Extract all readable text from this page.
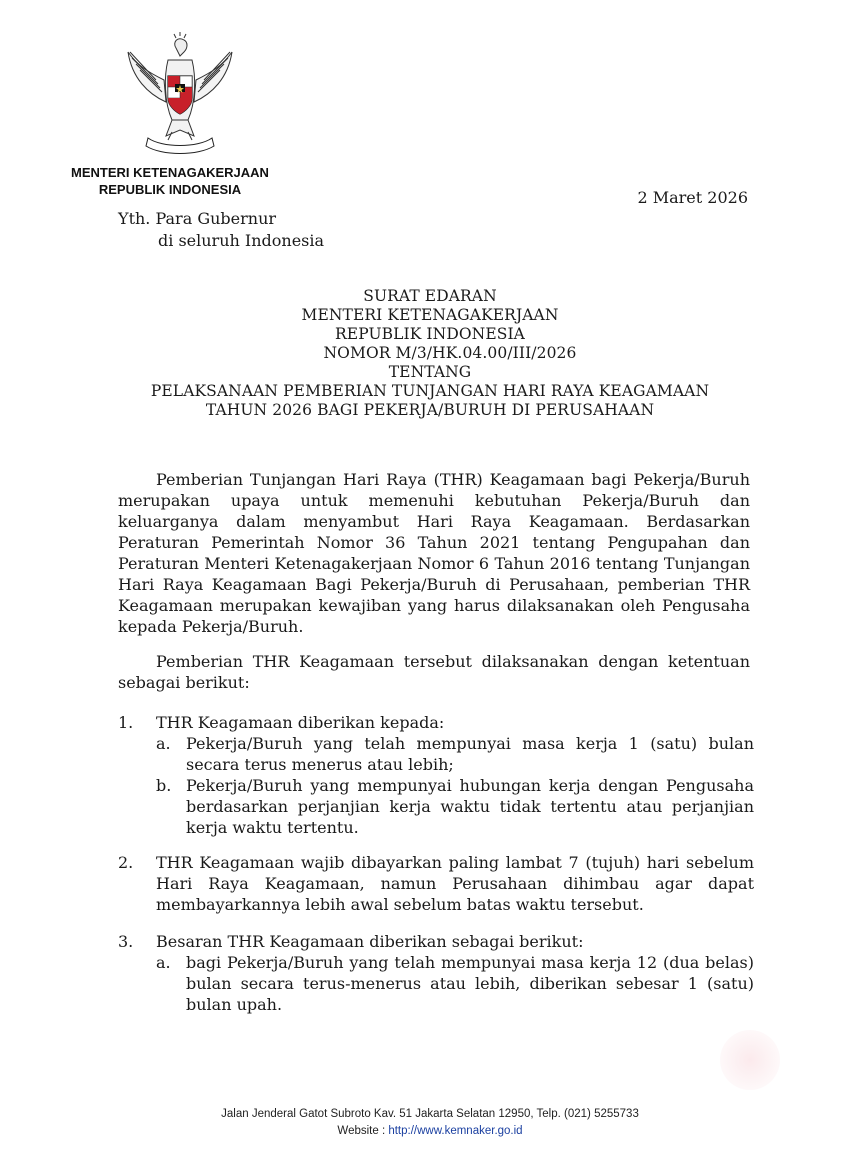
MENTERI KETENAGAKERJAAN
REPUBLIK INDONESIA	2 Maret 2026
Yth. Para Gubernur
di seluruh Indonesia
SURAT EDARAN
MENTERI KETENAGAKERJAAN
REPUBLIK INDONESIA
NOMOR M/3/HK.04.00/III/2026
TENTANG
PELAKSANAAN PEMBERIAN TUNJANGAN HARI RAYA KEAGAMAAN
TAHUN 2026 BAGI PEKERJA/BURUH DI PERUSAHAAN

Pemberian Tunjangan Hari Raya (THR) Keagamaan bagi Pekerja/Buruh merupakan upaya untuk memenuhi kebutuhan Pekerja/Buruh dan keluarganya dalam menyambut Hari Raya Keagamaan. Berdasarkan Peraturan Pemerintah Nomor 36 Tahun 2021 tentang Pengupahan dan Peraturan Menteri Ketenagakerjaan Nomor 6 Tahun 2016 tentang Tunjangan Hari Raya Keagamaan Bagi Pekerja/Buruh di Perusahaan, pemberian THR Keagamaan merupakan kewajiban yang harus dilaksanakan oleh Pengusaha kepada Pekerja/Buruh.

Pemberian THR Keagamaan tersebut dilaksanakan dengan ketentuan sebagai berikut:

1. THR Keagamaan diberikan kepada:
a. Pekerja/Buruh yang telah mempunyai masa kerja 1 (satu) bulan secara terus menerus atau lebih;
b. Pekerja/Buruh yang mempunyai hubungan kerja dengan Pengusaha berdasarkan perjanjian kerja waktu tidak tertentu atau perjanjian kerja waktu tertentu.
2. THR Keagamaan wajib dibayarkan paling lambat 7 (tujuh) hari sebelum Hari Raya Keagamaan, namun Perusahaan dihimbau agar dapat membayarkannya lebih awal sebelum batas waktu tersebut.
3. Besaran THR Keagamaan diberikan sebagai berikut:
a. bagi Pekerja/Buruh yang telah mempunyai masa kerja 12 (dua belas) bulan secara terus-menerus atau lebih, diberikan sebesar 1 (satu) bulan upah.
Jalan Jenderal Gatot Subroto Kav. 51 Jakarta Selatan 12950, Telp. (021) 5255733
Website : http://www.kemnaker.go.id
